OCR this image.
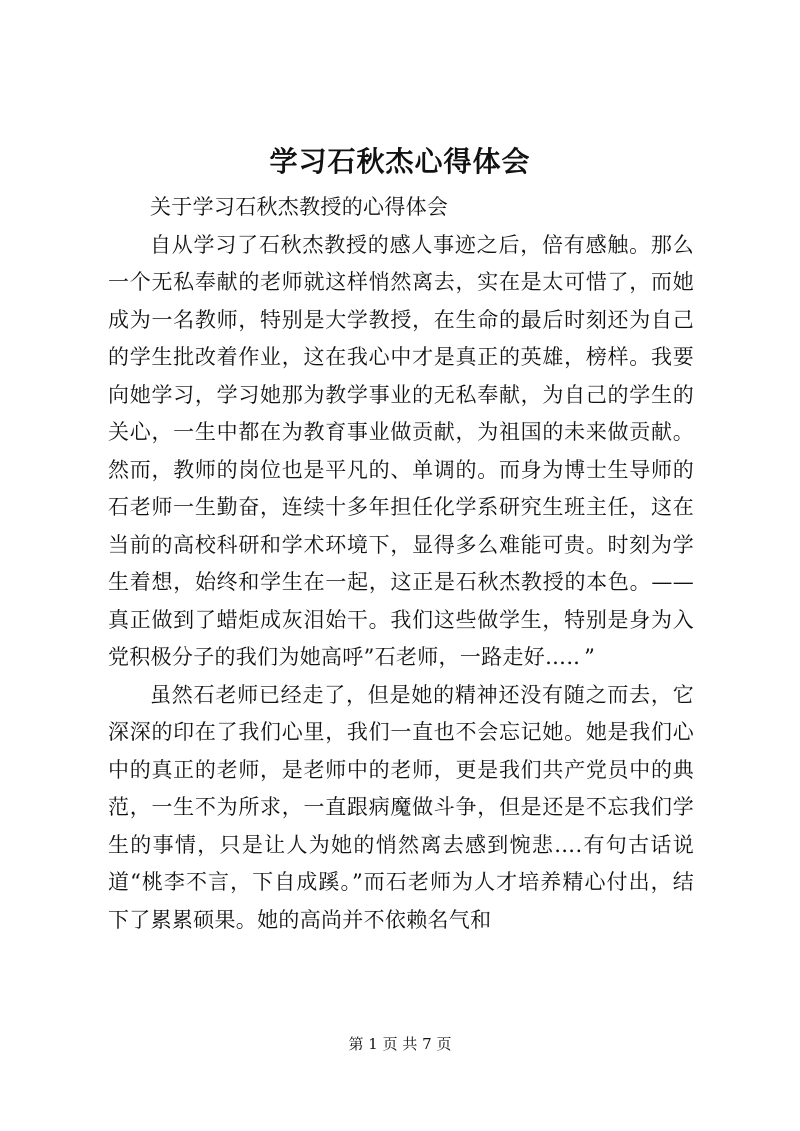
学习石秋杰心得体会

关于学习石秋杰教授的心得体会

自从学习了石秋杰教授的感人事迹之后，倍有感触。那么一个无私奉献的老师就这样悄然离去，实在是太可惜了，而她成为一名教师，特别是大学教授，在生命的最后时刻还为自己的学生批改着作业，这在我心中才是真正的英雄，榜样。我要向她学习，学习她那为教学事业的无私奉献，为自己的学生的关心，一生中都在为教育事业做贡献，为祖国的未来做贡献。然而，教师的岗位也是平凡的、单调的。而身为博士生导师的石老师一生勤奋，连续十多年担任化学系研究生班主任，这在当前的高校科研和学术环境下，显得多么难能可贵。时刻为学生着想，始终和学生在一起，这正是石秋杰教授的本色。——真正做到了蜡炬成灰泪始干。我们这些做学生，特别是身为入党积极分子的我们为她高呼”石老师，一路走好….．”

虽然石老师已经走了，但是她的精神还没有随之而去，它深深的印在了我们心里，我们一直也不会忘记她。她是我们心中的真正的老师，是老师中的老师，更是我们共产党员中的典范，一生不为所求，一直跟病魔做斗争，但是还是不忘我们学生的事情，只是让人为她的悄然离去感到惋悲….有句古话说道“桃李不言，下自成蹊。”而石老师为人才培养精心付出，结下了累累硕果。她的高尚并不依赖名气和

第 1 页 共 7 页
